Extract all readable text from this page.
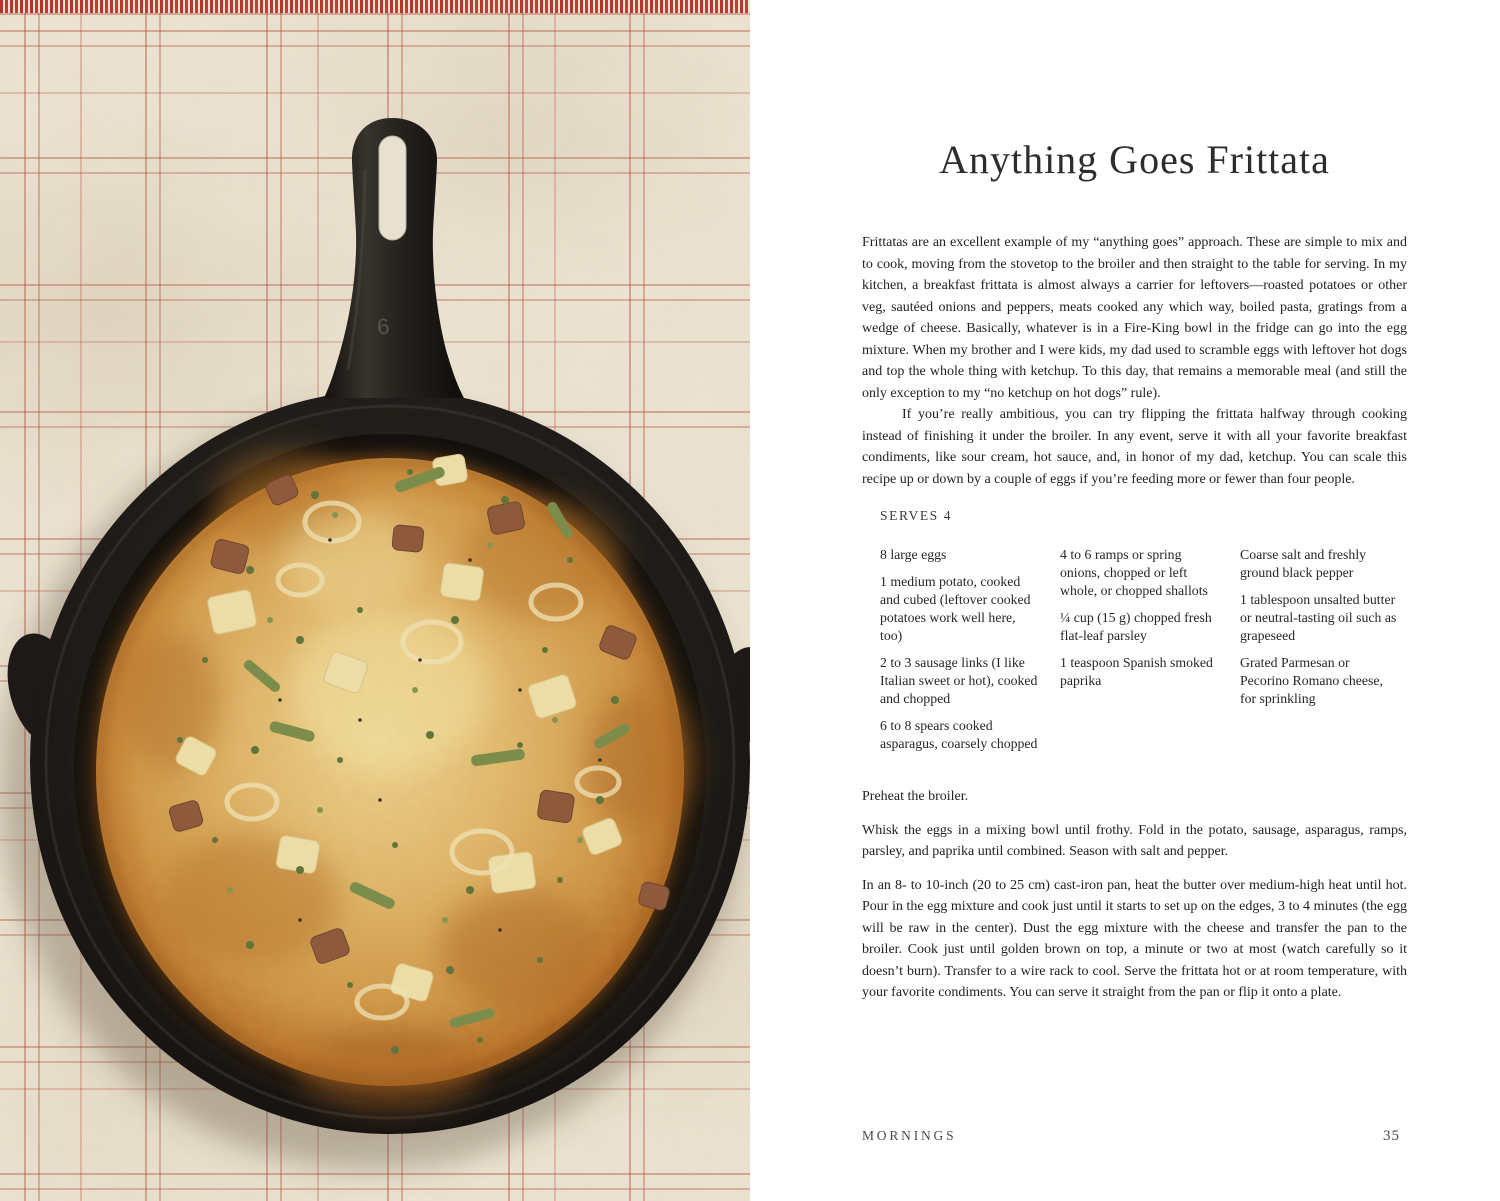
6
Anything Goes Frittata

Frittatas are an excellent example of my “anything goes” approach. These are simple to mix and to cook, moving from the stovetop to the broiler and then straight to the table for serving. In my kitchen, a breakfast frittata is almost always a carrier for leftovers—roasted potatoes or other veg, sautéed onions and peppers, meats cooked any which way, boiled pasta, gratings from a wedge of cheese. Basically, whatever is in a Fire-King bowl in the fridge can go into the egg mixture. When my brother and I were kids, my dad used to scramble eggs with leftover hot dogs and top the whole thing with ketchup. To this day, that remains a memorable meal (and still the only exception to my “no ketchup on hot dogs” rule).

If you’re really ambitious, you can try flipping the frittata halfway through cooking instead of finishing it under the broiler. In any event, serve it with all your favorite breakfast condiments, like sour cream, hot sauce, and, in honor of my dad, ketchup. You can scale this recipe up or down by a couple of eggs if you’re feeding more or fewer than four people.

SERVES 4

8 large eggs

1 medium potato, cooked and cubed (leftover cooked potatoes work well here, too)

2 to 3 sausage links (I like Italian sweet or hot), cooked and chopped

6 to 8 spears cooked asparagus, coarsely chopped

4 to 6 ramps or spring onions, chopped or left whole, or chopped shallots

¼ cup (15 g) chopped fresh flat-leaf parsley

1 teaspoon Spanish smoked paprika

Coarse salt and freshly ground black pepper

1 tablespoon unsalted butter or neutral-tasting oil such as grapeseed

Grated Parmesan or Pecorino Romano cheese, for sprinkling

Preheat the broiler.

Whisk the eggs in a mixing bowl until frothy. Fold in the potato, sausage, asparagus, ramps, parsley, and paprika until combined. Season with salt and pepper.

In an 8- to 10-inch (20 to 25 cm) cast-iron pan, heat the butter over medium-high heat until hot. Pour in the egg mixture and cook just until it starts to set up on the edges, 3 to 4 minutes (the egg will be raw in the center). Dust the egg mixture with the cheese and transfer the pan to the broiler. Cook just until golden brown on top, a minute or two at most (watch carefully so it doesn’t burn). Transfer to a wire rack to cool. Serve the frittata hot or at room temperature, with your favorite condiments. You can serve it straight from the pan or flip it onto a plate.

MORNINGS	35
